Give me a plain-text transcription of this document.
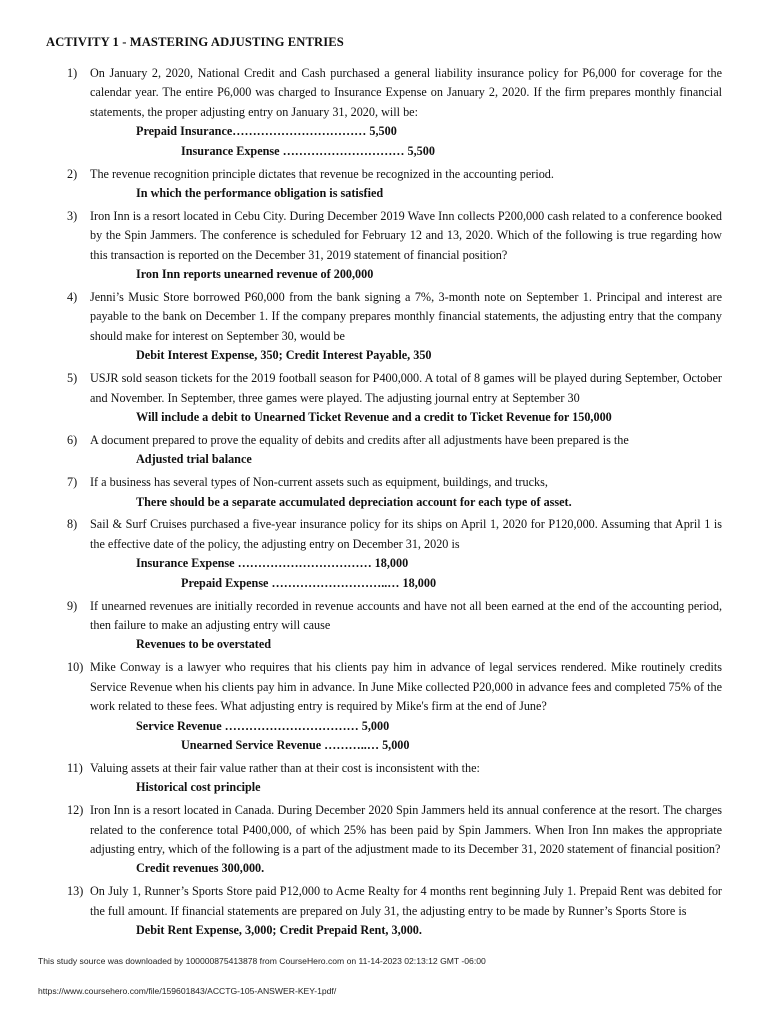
ACTIVITY 1 - MASTERING ADJUSTING ENTRIES
1)	On January 2, 2020, National Credit and Cash purchased a general liability insurance policy for P6,000 for coverage for the calendar year. The entire P6,000 was charged to Insurance Expense on January 2, 2020. If the firm prepares monthly financial statements, the proper adjusting entry on January 31, 2020, will be:
Prepaid Insurance…………………………… 5,500
Insurance Expense ………………………… 5,500
2)	The revenue recognition principle dictates that revenue be recognized in the accounting period.
In which the performance obligation is satisfied
3)	Iron Inn is a resort located in Cebu City. During December 2019 Wave Inn collects P200,000 cash related to a conference booked by the Spin Jammers. The conference is scheduled for February 12 and 13, 2020. Which of the following is true regarding how this transaction is reported on the December 31, 2019 statement of financial position?
Iron Inn reports unearned revenue of 200,000
4)	Jenni’s Music Store borrowed P60,000 from the bank signing a 7%, 3-month note on September 1. Principal and interest are payable to the bank on December 1. If the company prepares monthly financial statements, the adjusting entry that the company should make for interest on September 30, would be
Debit Interest Expense, 350; Credit Interest Payable, 350
5)	USJR sold season tickets for the 2019 football season for P400,000. A total of 8 games will be played during September, October and November. In September, three games were played. The adjusting journal entry at September 30
Will include a debit to Unearned Ticket Revenue and a credit to Ticket Revenue for 150,000
6)	A document prepared to prove the equality of debits and credits after all adjustments have been prepared is the
Adjusted trial balance
7)	If a business has several types of Non-current assets such as equipment, buildings, and trucks,
There should be a separate accumulated depreciation account for each type of asset.
8)	Sail & Surf Cruises purchased a five-year insurance policy for its ships on April 1, 2020 for P120,000. Assuming that April 1 is the effective date of the policy, the adjusting entry on December 31, 2020 is
Insurance Expense …………………………… 18,000
Prepaid Expense ………………………..… 18,000
9)	If unearned revenues are initially recorded in revenue accounts and have not all been earned at the end of the accounting period, then failure to make an adjusting entry will cause
Revenues to be overstated
10) Mike Conway is a lawyer who requires that his clients pay him in advance of legal services rendered. Mike routinely credits Service Revenue when his clients pay him in advance. In June Mike collected P20,000 in advance fees and completed 75% of the work related to these fees. What adjusting entry is required by Mike's firm at the end of June?
Service Revenue …………………………… 5,000
Unearned Service Revenue ………..… 5,000
11) Valuing assets at their fair value rather than at their cost is inconsistent with the:
Historical cost principle
12) Iron Inn is a resort located in Canada. During December 2020 Spin Jammers held its annual conference at the resort. The charges related to the conference total P400,000, of which 25% has been paid by Spin Jammers. When Iron Inn makes the appropriate adjusting entry, which of the following is a part of the adjustment made to its December 31, 2020 statement of financial position?
Credit revenues 300,000.
13) On July 1, Runner’s Sports Store paid P12,000 to Acme Realty for 4 months rent beginning July 1. Prepaid Rent was debited for the full amount. If financial statements are prepared on July 31, the adjusting entry to be made by Runner’s Sports Store is
Debit Rent Expense, 3,000; Credit Prepaid Rent, 3,000.
This study source was downloaded by 100000875413878 from CourseHero.com on 11-14-2023 02:13:12 GMT -06:00
https://www.coursehero.com/file/159601843/ACCTG-105-ANSWER-KEY-1pdf/
